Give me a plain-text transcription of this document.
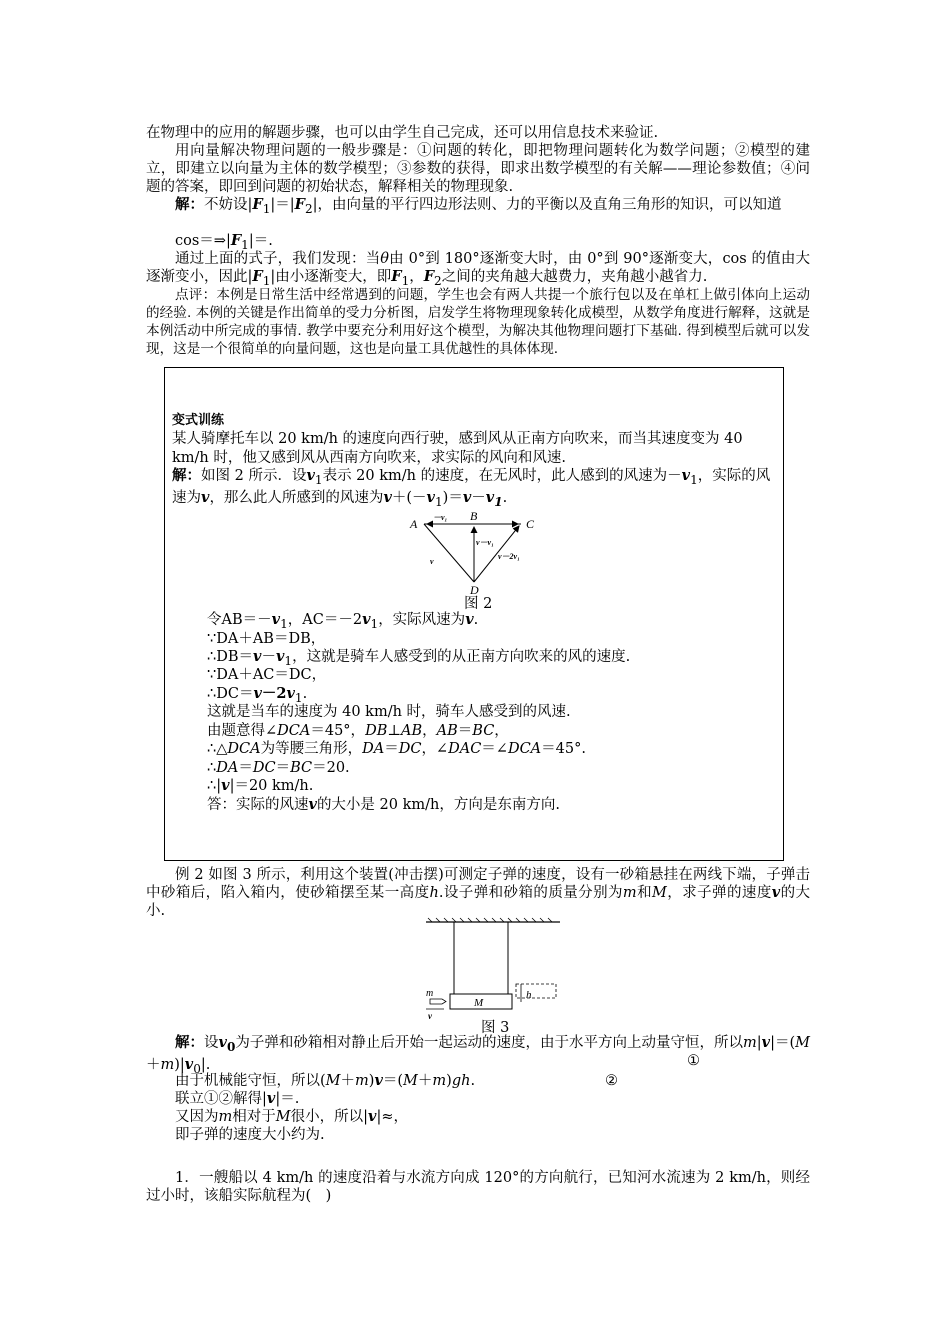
在物理中的应用的解题步骤，也可以由学生自己完成，还可以用信息技术来验证.

用向量解决物理问题的一般步骤是：①问题的转化，即把物理问题转化为数学问题；②模型的建立，即建立以向量为主体的数学模型；③参数的获得，即求出数学模型的有关解——理论参数值；④问题的答案，即回到问题的初始状态，解释相关的物理现象.

解：不妨设$|F_1|=|F_2|$，由向量的平行四边形法则、力的平衡以及直角三角形的知识，可以知道

$\cos=\Rightarrow|F_1|=$.

通过上面的式子，我们发现：当θ由 0°到 180°逐渐变大时，由 0°到 90°逐渐变大，cos 的值由大逐渐变小，因此$|F_1|$由小逐渐变大，即$F_1$，$F_2$之间的夹角越大越费力，夹角越小越省力.

点评：本例是日常生活中经常遇到的问题，学生也会有两人共提一个旅行包以及在单杠上做引体向上运动的经验. 本例的关键是作出简单的受力分析图，启发学生将物理现象转化成模型，从数学角度进行解释，这就是本例活动中所完成的事情. 教学中要充分利用好这个模型，为解决其他物理问题打下基础. 得到模型后就可以发现，这是一个很简单的向量问题，这也是向量工具优越性的具体体现.

变式训练

某人骑摩托车以 20 km/h 的速度向西行驶，感到风从正南方向吹来，而当其速度变为 40 km/h 时，他又感到风从西南方向吹来，求实际的风向和风速.

解：如图 2 所示．设$v_1$表示 20 km/h 的速度，在无风时，此人感到的风速为$-v_1$，实际的风速为v，那么此人所感到的风速为$v+(-v_1)=v-v_1$.

A
B
C
D
－v₁
v－v₁
v－2v₁
v
图 2

令$AB=-v_1$，$AC=-2v_1$，实际风速为v.

∵DA＋AB＝DB，

$\therefore DB=v-v_1$，这就是骑车人感受到的从正南方向吹来的风的速度.

∵DA＋AC＝DC，

$\therefore DC=v-2v_1$.

这就是当车的速度为 40 km/h 时，骑车人感受到的风速.

由题意得∠DCA＝45°，DB⊥AB，AB＝BC，

∴△DCA为等腰三角形，DA＝DC，∠DAC＝∠DCA＝45°.

∴DA＝DC＝BC＝20.

∴|v|＝20 km/h.

答：实际的风速v的大小是 20 km/h，方向是东南方向.

例 2 如图 3 所示，利用这个装置(冲击摆)可测定子弹的速度，设有一砂箱悬挂在两线下端，子弹击中砂箱后，陷入箱内，使砂箱摆至某一高度h.设子弹和砂箱的质量分别为m和M，求子弹的速度v的大小.

m
v
M
h
图 3

解：设$v_0$为子弹和砂箱相对静止后开始一起运动的速度，由于水平方向上动量守恒，所以$m|v|=(M+m)|v_0|$.	①

由于机械能守恒，所以(M＋m)v＝(M＋m)gh.	②

联立①②解得|v|＝.

又因为m相对于M很小，所以|v|≈，

即子弹的速度大小约为.

1．一艘船以 4 km/h 的速度沿着与水流方向成 120°的方向航行，已知河水流速为 2 km/h，则经过小时，该船实际航程为(　)
